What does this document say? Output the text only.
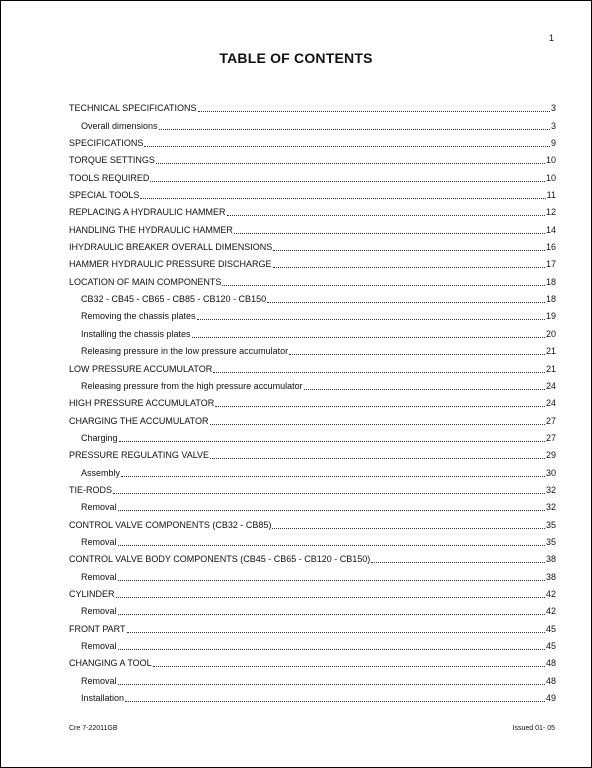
1
TABLE OF CONTENTS
TECHNICAL SPECIFICATIONS	3
Overall dimensions	3
SPECIFICATIONS	9
TORQUE SETTINGS	10
TOOLS REQUIRED	10
SPECIAL TOOLS	11
REPLACING A HYDRAULIC HAMMER	12
HANDLING THE HYDRAULIC HAMMER	14
IHYDRAULIC BREAKER OVERALL DIMENSIONS	16
HAMMER HYDRAULIC PRESSURE DISCHARGE	17
LOCATION OF MAIN COMPONENTS	18
CB32 - CB45 - CB65 - CB85 - CB120 - CB150	18
Removing the chassis plates	19
Installing the chassis plates	20
Releasing pressure in the low pressure accumulator	21
LOW PRESSURE ACCUMULATOR	21
Releasing pressure from the high pressure accumulator	24
HIGH PRESSURE ACCUMULATOR	24
CHARGING THE ACCUMULATOR	27
Charging	27
PRESSURE REGULATING VALVE	29
Assembly	30
TIE-RODS	32
Removal	32
CONTROL VALVE COMPONENTS (CB32 - CB85)	35
Removal	35
CONTROL VALVE BODY COMPONENTS (CB45 - CB65 - CB120 - CB150)	38
Removal	38
CYLINDER	42
Removal	42
FRONT PART	45
Removal	45
CHANGING A TOOL	48
Removal	48
Installation	49
Cre 7-22011GB	Issued 01- 05
